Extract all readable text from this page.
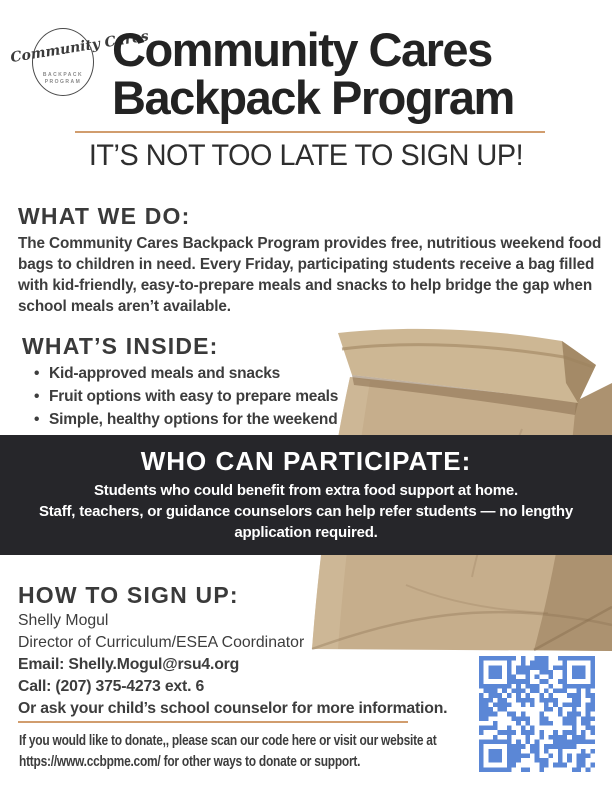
Community Cares
BACKPACK
PROGRAM
Community Cares
Backpack Program
IT’S NOT TOO LATE TO SIGN UP!
WHAT WE DO:

The Community Cares Backpack Program provides free, nutritious weekend food bags to children in need. Every Friday, participating students receive a bag filled with kid-friendly, easy-to-prepare meals and snacks to help bridge the gap when school meals aren’t available.

WHAT’S INSIDE:
• Kid-approved meals and snacks
• Fruit options with easy to prepare meals
• Simple, healthy options for the weekend
WHO CAN PARTICIPATE:
Students who could benefit from extra food support at home.
Staff, teachers, or guidance counselors can help refer students — no lengthy application required.
HOW TO SIGN UP:
Shelly Mogul
Director of Curriculum/ESEA Coordinator
Email: Shelly.Mogul@rsu4.org
Call: (207) 375-4273 ext. 6
Or ask your child’s school counselor for more information.

If you would like to donate,, please scan our code here or visit our website at https://www.ccbpme.com/ for other ways to donate or support.
